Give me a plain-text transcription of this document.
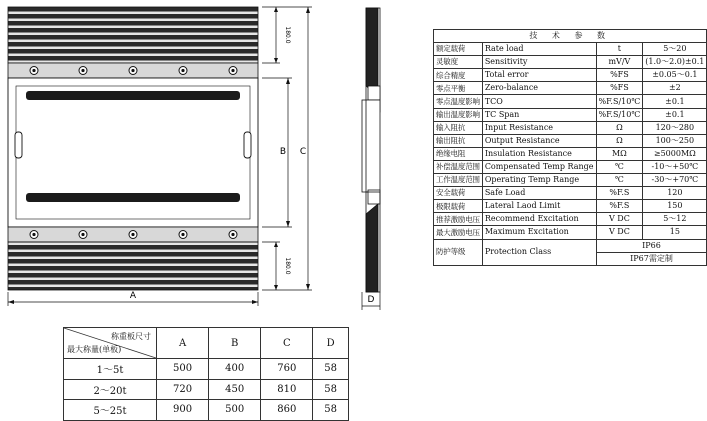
A
B C
D
180.0
180.0
技 术 参 数			
额定载荷	Rate load	t	5～20
灵敏度	Sensitivity	mV/V	(1.0～2.0)±0.1
综合精度	Total error	%FS	±0.05～0.1
零点平衡	Zero-balance	%FS	±2
零点温度影响	TCO	%F.S/10℃	±0.1
输出温度影响	TC Span	%F.S/10℃	±0.1
输入阻抗	Input Resistance	Ω	120～280
输出阻抗	Output Resistance	Ω	100～250
绝缘电阻	Insulation Resistance	MΩ	≥5000MΩ
补偿温度范围	Compensated Temp Range	℃	-10～+50℃
工作温度范围	Operating Temp Range	℃	-30～+70℃
安全载荷	Safe Load	%F.S	120
极限载荷	Lateral Laod Limit	%F.S	150
推荐激励电压	Recommend Excitation	V DC	5～12
最大激励电压	Maximum Excitation	V DC	15
防护等级	Protection Class	IP66	
		IP67需定制	
称重板尺寸
最大称量(单板)	A	B	C	D
1～5t	500	400	760	58
2～20t	720	450	810	58
5～25t	900	500	860	58
